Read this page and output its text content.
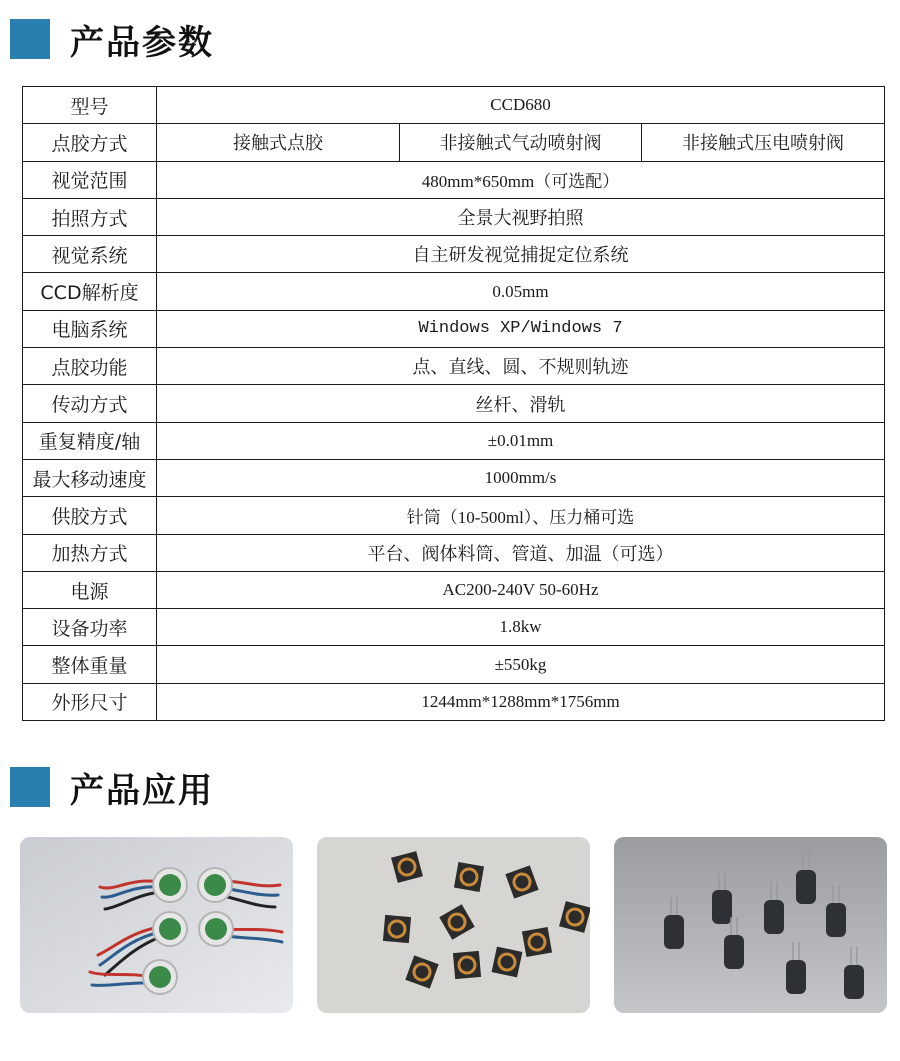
产品参数
型号	CCD680		
点胶方式	接触式点胶	非接触式气动喷射阀	非接触式压电喷射阀
视觉范围	480mm*650mm（可选配）		
拍照方式	全景大视野拍照		
视觉系统	自主研发视觉捕捉定位系统		
CCD解析度	0.05mm		
电脑系统	Windows XP/Windows 7		
点胶功能	点、直线、圆、不规则轨迹		
传动方式	丝杆、滑轨		
重复精度/轴	±0.01mm		
最大移动速度	1000mm/s		
供胶方式	针筒（10-500ml）、压力桶可选		
加热方式	平台、阀体料筒、管道、加温（可选）		
电源	AC200-240V 50-60Hz		
设备功率	1.8kw		
整体重量	±550kg		
外形尺寸	1244mm*1288mm*1756mm		
产品应用
